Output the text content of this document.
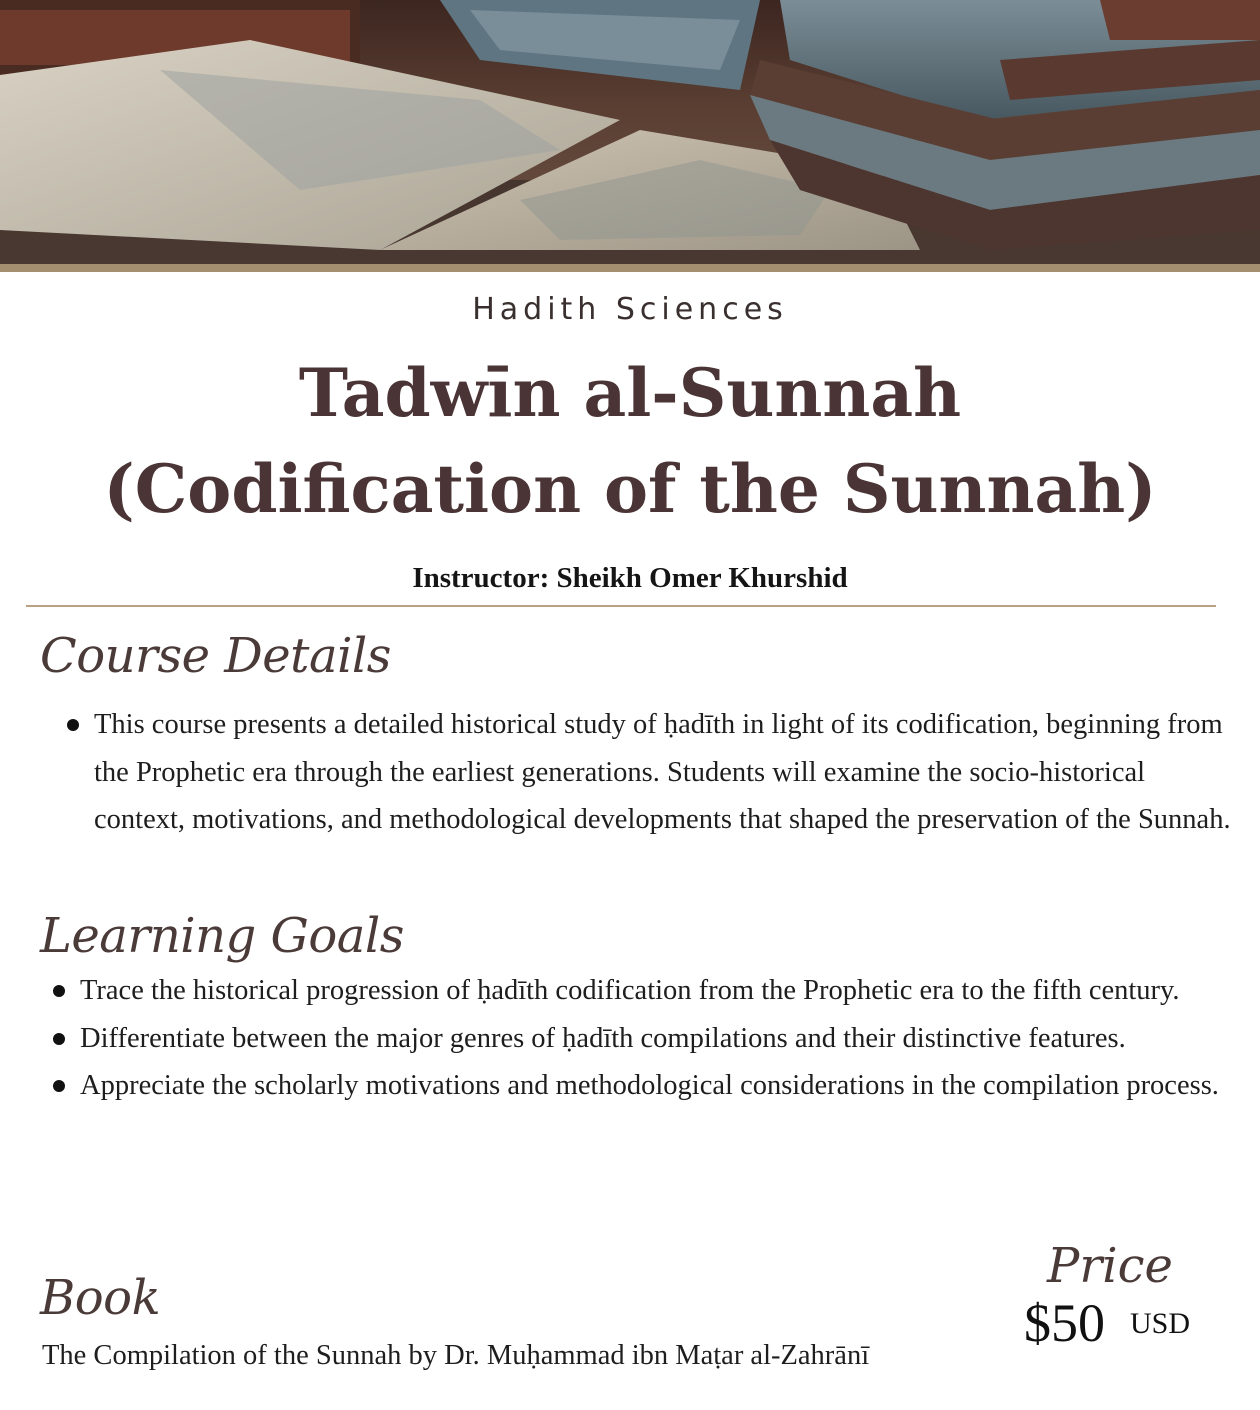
Hadith Sciences
Tadwīn al-Sunnah
(Codification of the Sunnah)
Instructor: Sheikh Omer Khurshid
Course Details
This course presents a detailed historical study of ḥadīth in light of its codification, beginning from the Prophetic era through the earliest generations. Students will examine the socio-historical context, motivations, and methodological developments that shaped the preservation of the Sunnah.
Learning Goals
Trace the historical progression of ḥadīth codification from the Prophetic era to the fifth century.
Differentiate between the major genres of ḥadīth compilations and their distinctive features.
Appreciate the scholarly motivations and methodological considerations in the compilation process.
Book
The Compilation of the Sunnah by Dr. Muḥammad ibn Maṭar al-Zahrānī
Price
$50 USD
